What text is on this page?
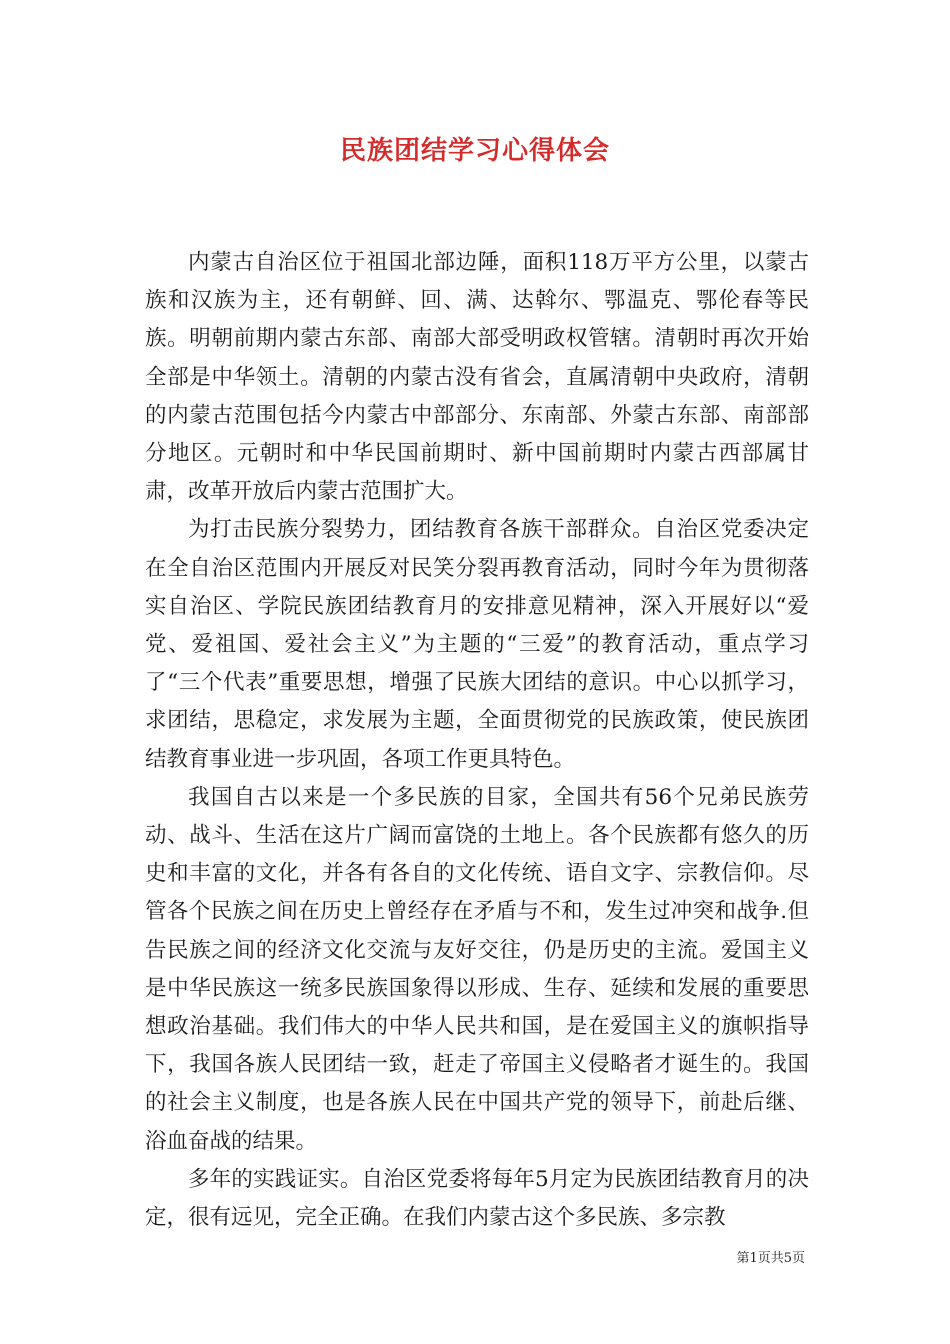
民族团结学习心得体会

内蒙古自治区位于祖国北部边陲，面积118万平方公里，以蒙古族和汉族为主，还有朝鲜、回、满、达斡尔、鄂温克、鄂伦春等民族。明朝前期内蒙古东部、南部大部受明政权管辖。清朝时再次开始全部是中华领土。清朝的内蒙古没有省会，直属清朝中央政府，清朝的内蒙古范围包括今内蒙古中部部分、东南部、外蒙古东部、南部部分地区。元朝时和中华民国前期时、新中国前期时内蒙古西部属甘肃，改革开放后内蒙古范围扩大。

为打击民族分裂势力，团结教育各族干部群众。自治区党委决定在全自治区范围内开展反对民笑分裂再教育活动，同时今年为贯彻落实自治区、学院民族团结教育月的安排意见精神，深入开展好以“爱党、爱祖国、爱社会主义”为主题的“三爱”的教育活动，重点学习了“三个代表”重要思想，增强了民族大团结的意识。中心以抓学习，求团结，思稳定，求发展为主题，全面贯彻党的民族政策，使民族团结教育事业进一步巩固，各项工作更具特色。

我国自古以来是一个多民族的目家，全国共有56个兄弟民族劳动、战斗、生活在这片广阔而富饶的土地上。各个民族都有悠久的历史和丰富的文化，并各有各自的文化传统、语自文字、宗教信仰。尽管各个民族之间在历史上曾经存在矛盾与不和，发生过冲突和战争.但告民族之间的经济文化交流与友好交往，仍是历史的主流。爱国主义是中华民族这一统多民族国象得以形成、生存、延续和发展的重要思想政治基础。我们伟大的中华人民共和国，是在爱国主义的旗帜指导下，我国各族人民团结一致，赶走了帝国主义侵略者才诞生的。我国的社会主义制度，也是各族人民在中国共产党的领导下，前赴后继、浴血奋战的结果。

多年的实践证实。自治区党委将每年5月定为民族团结教育月的决定，很有远见，完全正确。在我们内蒙古这个多民族、多宗教

第1页共5页
